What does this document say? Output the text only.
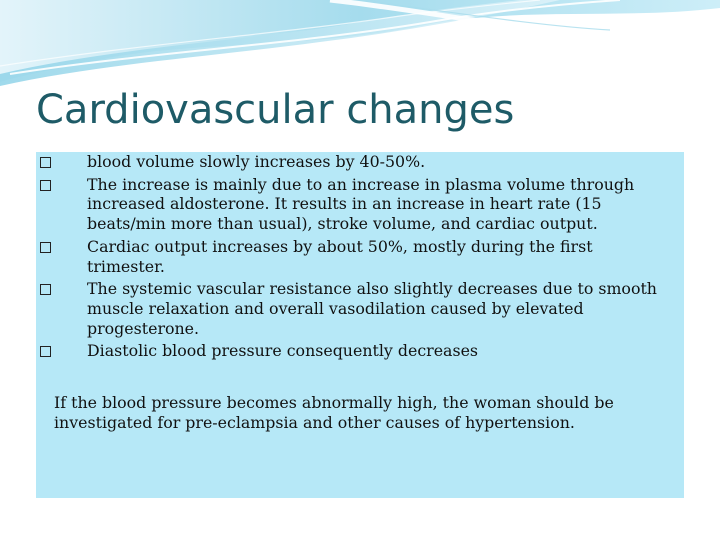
Cardiovascular changes
blood volume slowly increases by 40-50%.
The increase is mainly due to an increase in plasma volume through increased aldosterone. It results in an increase in heart rate (15 beats/min more than usual), stroke volume, and cardiac output.
Cardiac output increases by about 50%, mostly during the first trimester.
The systemic vascular resistance also slightly decreases due to smooth muscle relaxation and overall vasodilation caused by elevated progesterone.
Diastolic blood pressure consequently decreases

If the blood pressure becomes abnormally high, the woman should be investigated for pre-eclampsia and other causes of hypertension.
